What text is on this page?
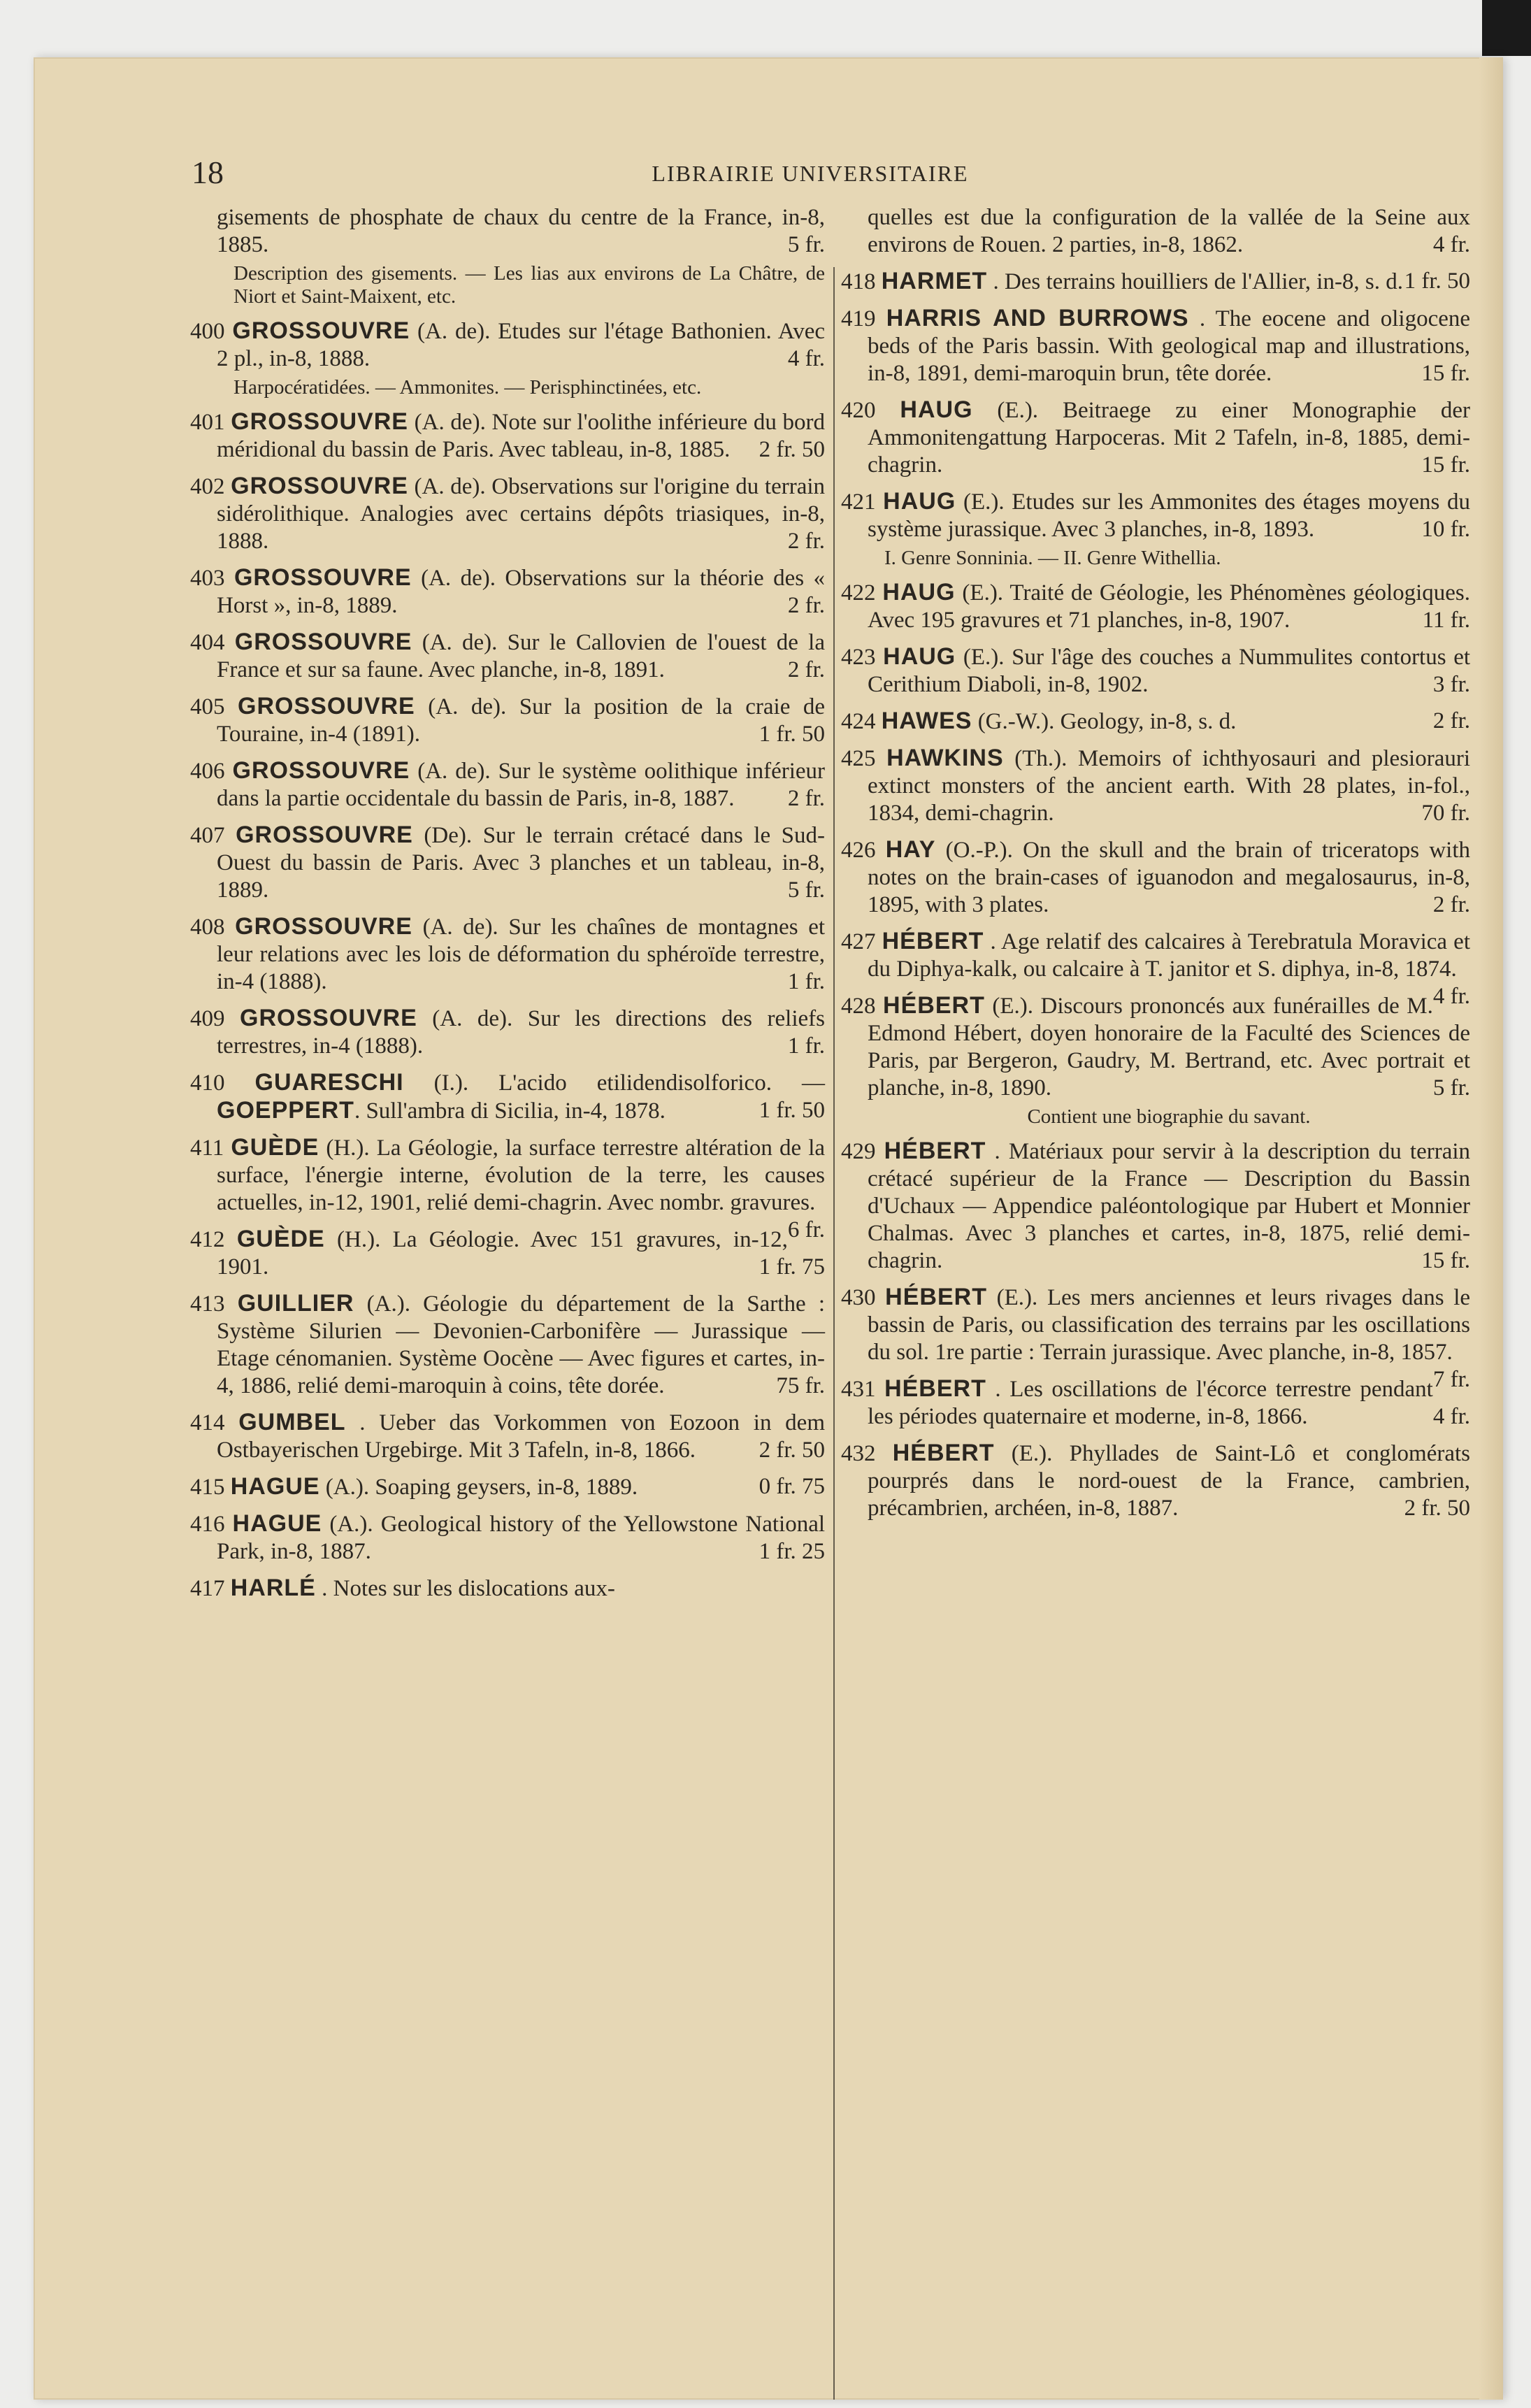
18	LIBRAIRIE UNIVERSITAIRE
gisements de phosphate de chaux du centre de la France, in-8, 1885.	5 fr.
Description des gisements. — Les lias aux environs de La Châtre, de Niort et Saint-Maixent, etc.
400 GROSSOUVRE (A. de). Etudes sur l'étage Bathonien. Avec 2 pl., in-8, 1888.	4 fr.
Harpocératidées. — Ammonites. — Perisphinctinées, etc.
401 GROSSOUVRE (A. de). Note sur l'oolithe inférieure du bord méridional du bassin de Paris. Avec tableau, in-8, 1885. 2 fr. 50
402 GROSSOUVRE (A. de). Observations sur l'origine du terrain sidérolithique. Analogies avec certains dépôts triasiques, in-8, 1888.	2 fr.
403 GROSSOUVRE (A. de). Observations sur la théorie des « Horst », in-8, 1889.	2 fr.
404 GROSSOUVRE (A. de). Sur le Callovien de l'ouest de la France et sur sa faune. Avec planche, in-8, 1891.	2 fr.
405 GROSSOUVRE (A. de). Sur la position de la craie de Touraine, in-4 (1891).	1 fr. 50
406 GROSSOUVRE (A. de). Sur le système oolithique inférieur dans la partie occidentale du bassin de Paris, in-8, 1887. 2 fr.
407 GROSSOUVRE (De). Sur le terrain crétacé dans le Sud-Ouest du bassin de Paris. Avec 3 planches et un tableau, in-8, 1889.	5 fr.
408 GROSSOUVRE (A. de). Sur les chaînes de montagnes et leur relations avec les lois de déformation du sphéroïde terrestre, in-4 (1888).	1 fr.
409 GROSSOUVRE (A. de). Sur les directions des reliefs terrestres, in-4 (1888).	1 fr.
410 GUARESCHI (I.). L'acido etilidendisolforico. — GOEPPERT. Sull'ambra di Sicilia, in-4, 1878.	1 fr. 50
411 GUÈDE (H.). La Géologie, la surface terrestre altération de la surface, l'énergie interne, évolution de la terre, les causes actuelles, in-12, 1901, relié demi-chagrin. Avec nombr. gravures.
6 fr.
412 GUÈDE (H.). La Géologie. Avec 151 gravures, in-12, 1901.	1 fr. 75
413 GUILLIER (A.). Géologie du département de la Sarthe : Système Silurien — Devonien-Carbonifère — Jurassique — Etage cénomanien. Système Oocène — Avec figures et cartes, in-4, 1886, relié demi-maroquin à coins, tête dorée.	75 fr.
414 GUMBEL . Ueber das Vorkommen von Eozoon in dem Ostbayerischen Urgebirge. Mit 3 Tafeln, in-8, 1866.	2 fr. 50
415 HAGUE (A.). Soaping geysers, in-8, 1889.	0 fr. 75
416 HAGUE (A.). Geological history of the Yellowstone National Park, in-8, 1887.	1 fr. 25
417 HARLÉ . Notes sur les dislocations aux-
quelles est due la configuration de la vallée de la Seine aux environs de Rouen. 2 parties, in-8, 1862.	4 fr.
418 HARMET . Des terrains houilliers de l'Allier, in-8, s. d. 1 fr. 50
419 HARRIS AND BURROWS . The eocene and oligocene beds of the Paris bassin. With geological map and illustrations, in-8, 1891, demi-maroquin brun, tête dorée.	15 fr.
420 HAUG (E.). Beitraege zu einer Monographie der Ammonitengattung Harpoceras. Mit 2 Tafeln, in-8, 1885, demi-chagrin.	15 fr.
421 HAUG (E.). Etudes sur les Ammonites des étages moyens du système jurassique. Avec 3 planches, in-8, 1893.	10 fr.
I. Genre Sonninia. — II. Genre Withellia.
422 HAUG (E.). Traité de Géologie, les Phénomènes géologiques. Avec 195 gravures et 71 planches, in-8, 1907.	11 fr.
423 HAUG (E.). Sur l'âge des couches a Nummulites contortus et Cerithium Diaboli, in-8, 1902.	3 fr.
424 HAWES (G.-W.). Geology, in-8, s. d.	2 fr.
425 HAWKINS (Th.). Memoirs of ichthyosauri and plesiorauri extinct monsters of the ancient earth. With 28 plates, in-fol., 1834, demi-chagrin.	70 fr.
426 HAY (O.-P.). On the skull and the brain of triceratops with notes on the brain-cases of iguanodon and megalosaurus, in-8, 1895, with 3 plates.	2 fr.
427 HÉBERT . Age relatif des calcaires à Terebratula Moravica et du Diphya-kalk, ou calcaire à T. janitor et S. diphya, in-8, 1874.
4 fr.
428 HÉBERT (E.). Discours prononcés aux funérailles de M. Edmond Hébert, doyen honoraire de la Faculté des Sciences de Paris, par Bergeron, Gaudry, M. Bertrand, etc. Avec portrait et planche, in-8, 1890.	5 fr.
Contient une biographie du savant.
429 HÉBERT . Matériaux pour servir à la description du terrain crétacé supérieur de la France — Description du Bassin d'Uchaux — Appendice paléontologique par Hubert et Monnier Chalmas. Avec 3 planches et cartes, in-8, 1875, relié demi-chagrin.	15 fr.
430 HÉBERT (E.). Les mers anciennes et leurs rivages dans le bassin de Paris, ou classification des terrains par les oscillations du sol. 1re partie : Terrain jurassique. Avec planche, in-8, 1857.
7 fr.
431 HÉBERT . Les oscillations de l'écorce terrestre pendant les périodes quaternaire et moderne, in-8, 1866.	4 fr.
432 HÉBERT (E.). Phyllades de Saint-Lô et conglomérats pourprés dans le nord-ouest de la France, cambrien, précambrien, archéen, in-8, 1887.	2 fr. 50
